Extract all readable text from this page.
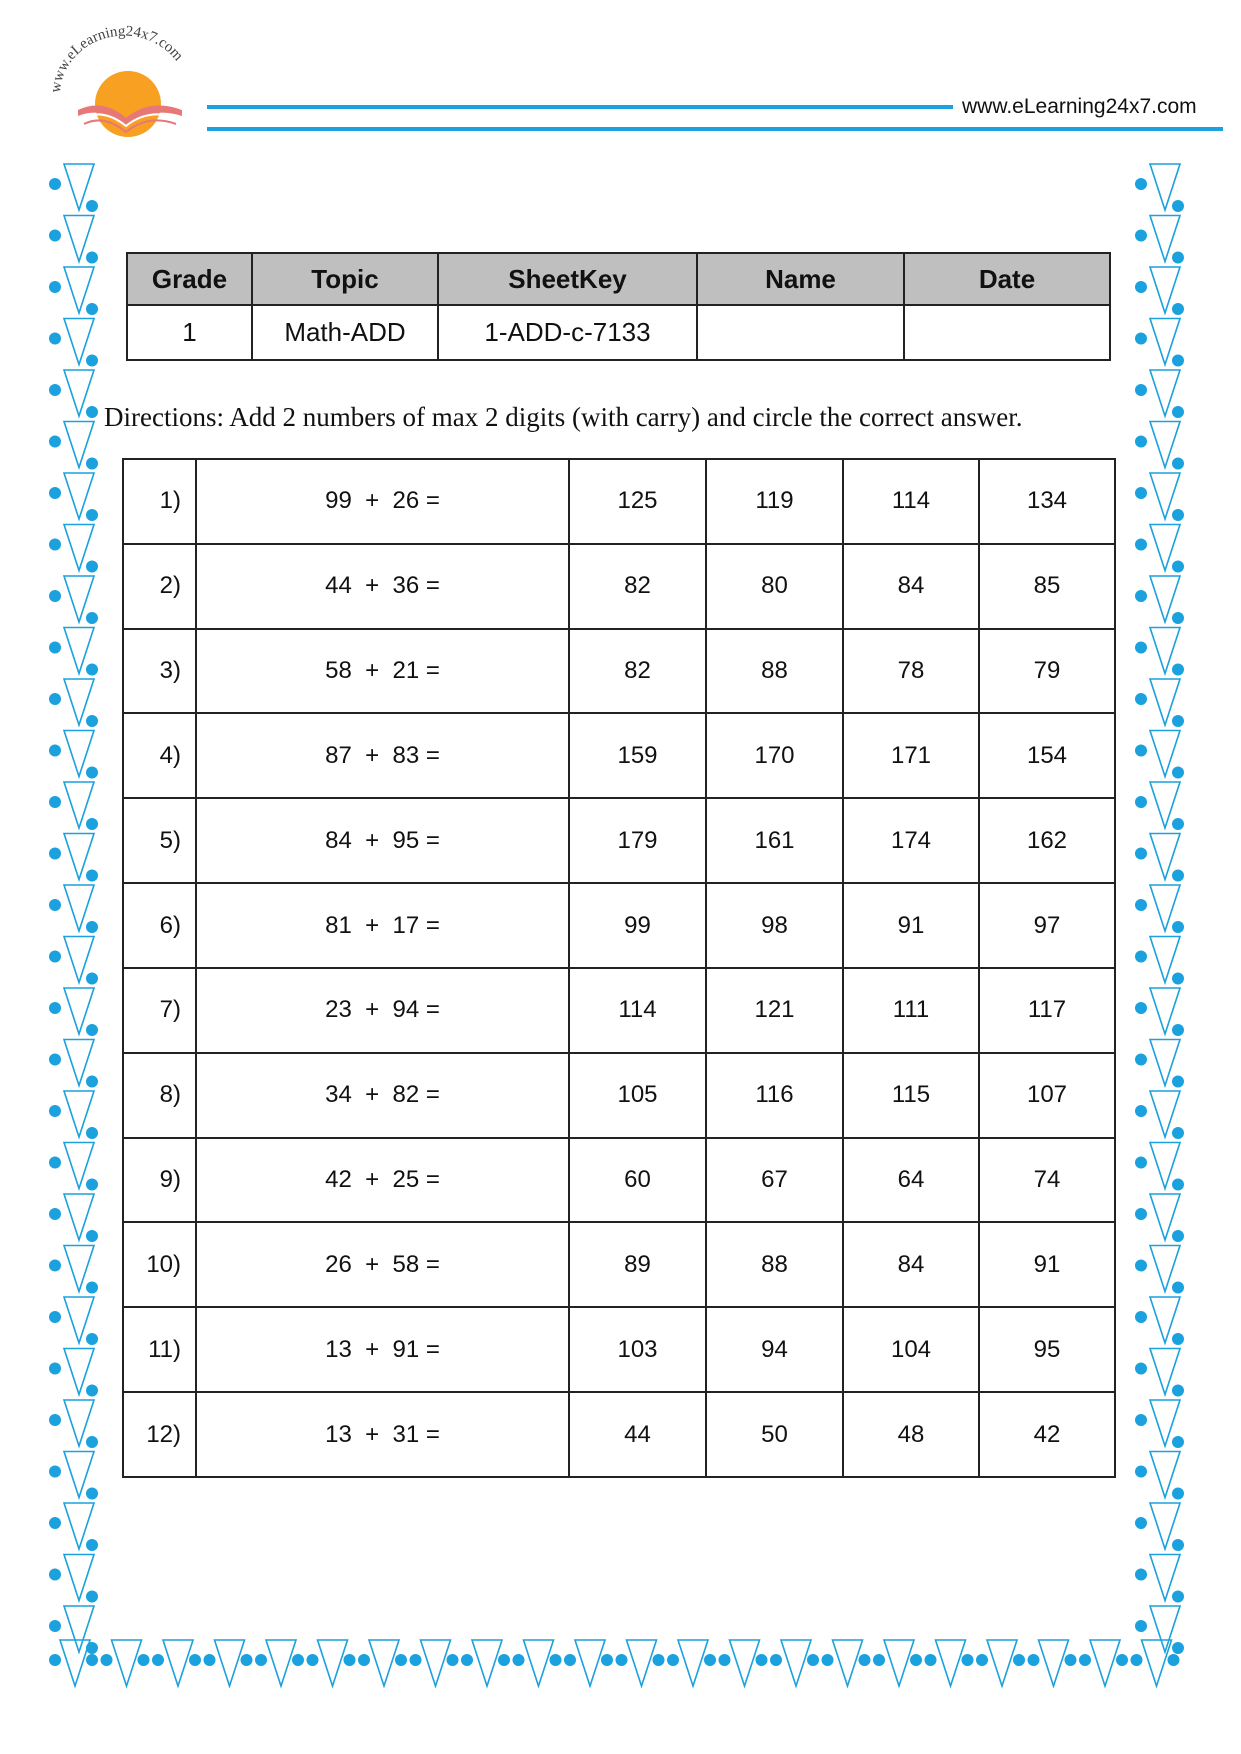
www.eLearning24x7.com
www.eLearning24x7.com
Grade	Topic	SheetKey	Name	Date
1	Math-ADD	1-ADD-c-7133		
Directions: Add 2 numbers of max 2 digits (with carry) and circle the correct answer.
1)	99  +  26 =	125	119	114	134
2)	44  +  36 =	82	80	84	85
3)	58  +  21 =	82	88	78	79
4)	87  +  83 =	159	170	171	154
5)	84  +  95 =	179	161	174	162
6)	81  +  17 =	99	98	91	97
7)	23  +  94 =	114	121	111	117
8)	34  +  82 =	105	116	115	107
9)	42  +  25 =	60	67	64	74
10)	26  +  58 =	89	88	84	91
11)	13  +  91 =	103	94	104	95
12)	13  +  31 =	44	50	48	42
